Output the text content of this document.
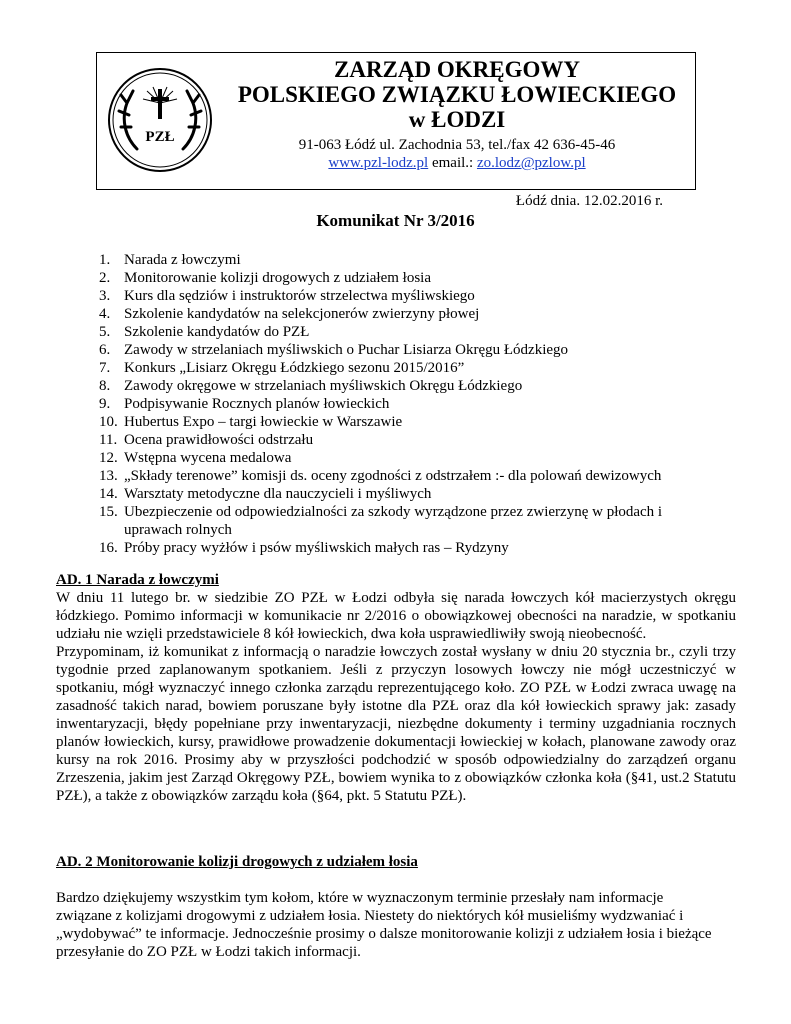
PZŁ
ZARZĄD OKRĘGOWY
POLSKIEGO ZWIĄZKU ŁOWIECKIEGO
w ŁODZI
91-063 Łódź ul. Zachodnia 53, tel./fax 42 636-45-46
www.pzl-lodz.pl email.: zo.lodz@pzlow.pl
Łódź dnia. 12.02.2016 r.
Komunikat Nr 3/2016
1. Narada z łowczymi
2. Monitorowanie kolizji drogowych z udziałem łosia
3. Kurs dla sędziów i instruktorów strzelectwa myśliwskiego
4. Szkolenie kandydatów na selekcjonerów zwierzyny płowej
5. Szkolenie kandydatów do PZŁ
6. Zawody w strzelaniach myśliwskich o Puchar Lisiarza Okręgu Łódzkiego
7. Konkurs „Lisiarz Okręgu Łódzkiego sezonu 2015/2016”
8. Zawody okręgowe w strzelaniach myśliwskich Okręgu Łódzkiego
9. Podpisywanie Rocznych planów łowieckich
10. Hubertus Expo – targi łowieckie w Warszawie
11. Ocena prawidłowości odstrzału
12. Wstępna wycena medalowa
13. „Składy terenowe” komisji ds. oceny zgodności z odstrzałem :- dla polowań dewizowych
14. Warsztaty metodyczne dla nauczycieli i myśliwych
15. Ubezpieczenie od odpowiedzialności za szkody wyrządzone przez zwierzynę w płodach i uprawach rolnych
16. Próby pracy wyżłów i psów myśliwskich małych ras – Rydzyny
AD. 1 Narada z łowczymi

W dniu 11 lutego br. w siedzibie ZO PZŁ w Łodzi odbyła się narada łowczych kół macierzystych okręgu łódzkiego. Pomimo informacji w komunikacie nr 2/2016 o obowiązkowej obecności na naradzie, w spotkaniu udziału nie wzięli przedstawiciele 8 kół łowieckich, dwa koła usprawiedliwiły swoją nieobecność.

Przypominam, iż komunikat z informacją o naradzie łowczych został wysłany w dniu 20 stycznia br., czyli trzy tygodnie przed zaplanowanym spotkaniem. Jeśli z przyczyn losowych łowczy nie mógł uczestniczyć w spotkaniu, mógł wyznaczyć innego członka zarządu reprezentującego koło. ZO PZŁ w Łodzi zwraca uwagę na zasadność takich narad, bowiem poruszane były istotne dla PZŁ oraz dla kół łowieckich sprawy jak: zasady inwentaryzacji, błędy popełniane przy inwentaryzacji, niezbędne dokumenty i terminy uzgadniania rocznych planów łowieckich, kursy, prawidłowe prowadzenie dokumentacji łowieckiej w kołach, planowane zawody oraz kursy na rok 2016. Prosimy aby w przyszłości podchodzić w sposób odpowiedzialny do zarządzeń organu Zrzeszenia, jakim jest Zarząd Okręgowy PZŁ, bowiem wynika to z obowiązków członka koła (§41, ust.2 Statutu PZŁ), a także z obowiązków zarządu koła (§64, pkt. 5 Statutu PZŁ).

AD. 2 Monitorowanie kolizji drogowych z udziałem łosia

Bardzo dziękujemy wszystkim tym kołom, które w wyznaczonym terminie przesłały nam informacje

związane z kolizjami drogowymi z udziałem łosia. Niestety do niektórych kół musieliśmy wydzwaniać i

„wydobywać” te informacje. Jednocześnie prosimy o dalsze monitorowanie kolizji z udziałem łosia i bieżące

przesyłanie do ZO PZŁ w Łodzi takich informacji.
